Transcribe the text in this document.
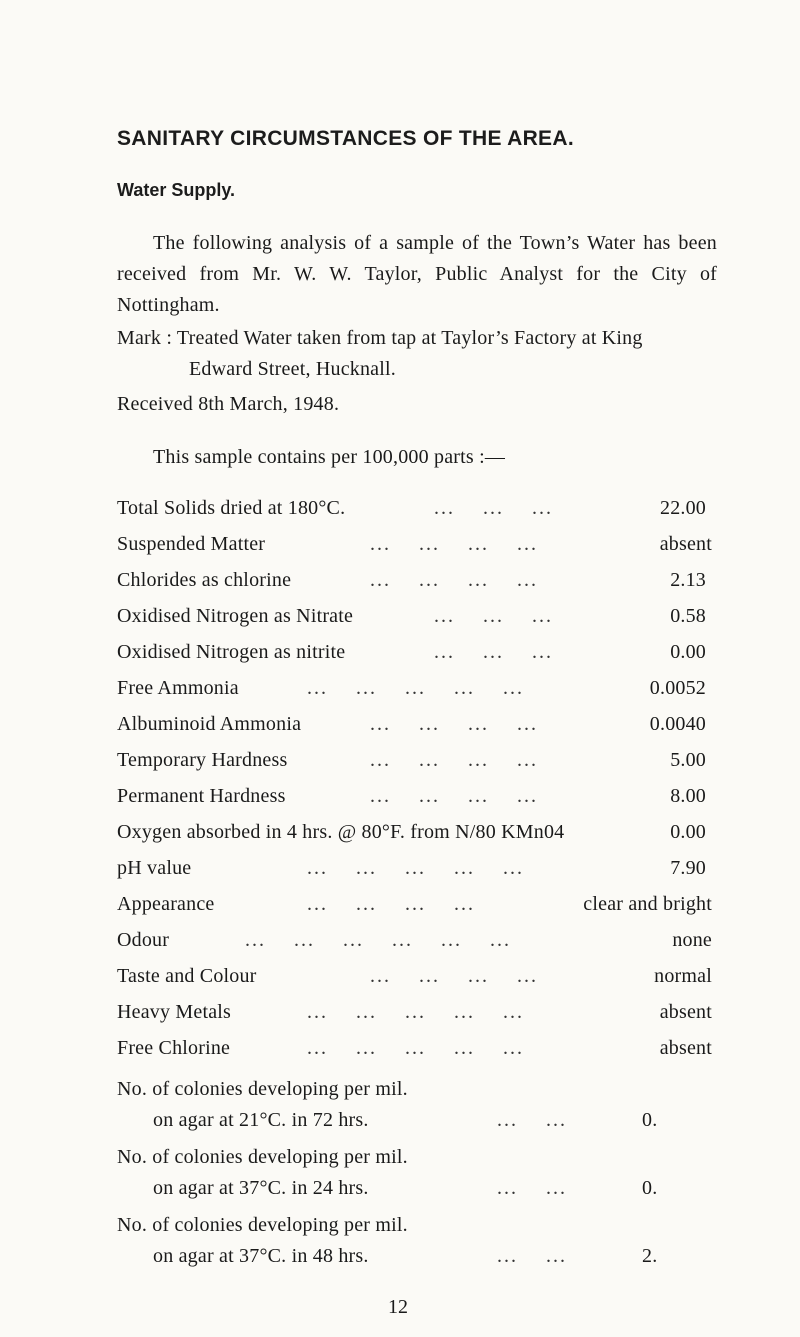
SANITARY CIRCUMSTANCES OF THE AREA.
Water Supply.
The following analysis of a sample of the Town’s Water has been received from Mr. W. W. Taylor, Public Analyst for the City of Nottingham.
Mark : Treated Water taken from tap at Taylor’s Factory at King
Edward Street, Hucknall.
Received 8th March, 1948.
This sample contains per 100,000 parts :—
Total Solids dried at 180°C.	...    ...    ...	22.00
Suspended Matter	...    ...    ...    ...	absent
Chlorides as chlorine	...    ...    ...    ...	2.13
Oxidised Nitrogen as Nitrate	...    ...    ...	0.58
Oxidised Nitrogen as nitrite	...    ...    ...	0.00
Free Ammonia	...    ...    ...    ...    ...	0.0052
Albuminoid Ammonia	...    ...    ...    ...	0.0040
Temporary Hardness	...    ...    ...    ...	5.00
Permanent Hardness	...    ...    ...    ...	8.00
Oxygen absorbed in 4 hrs. @ 80°F. from N/80 KMn04	0.00
pH value	...    ...    ...    ...    ...	7.90
Appearance	...    ...    ...    ...	clear and bright
Odour	...    ...    ...    ...    ...    ...	none
Taste and Colour	...    ...    ...    ...	normal
Heavy Metals	...    ...    ...    ...    ...	absent
Free Chlorine	...    ...    ...    ...    ...	absent
No. of colonies developing per mil.
on agar at 21°C. in 72 hrs.	...    ...	0.
No. of colonies developing per mil.
on agar at 37°C. in 24 hrs.	...    ...	0.
No. of colonies developing per mil.
on agar at 37°C. in 48 hrs.	...    ...	2.
12
